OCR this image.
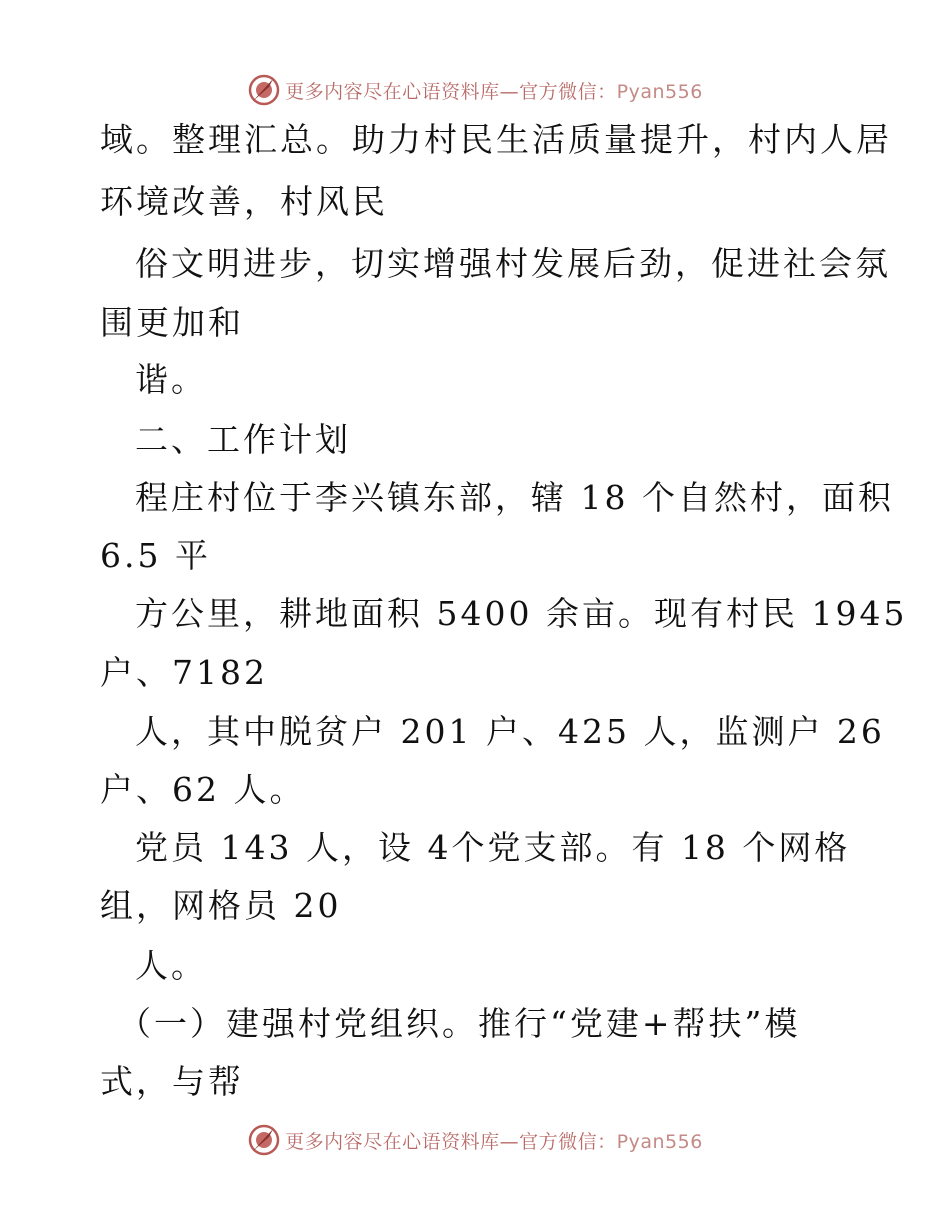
更多内容尽在心语资料库—官方微信：Pyan556
域。整理汇总。助力村民生活质量提升，村内人居
环境改善，村风民
俗文明进步，切实增强村发展后劲，促进社会氛
围更加和
谐。
二、工作计划
程庄村位于李兴镇东部，辖 18 个自然村，面积
6.5 平
方公里，耕地面积 5400 余亩。现有村民 1945
户、7182
人，其中脱贫户 201 户、425 人，监测户 26
户、62 人。
党员 143 人，设 4个党支部。有 18 个网格
组，网格员 20
人。
（一）建强村党组织。推行“党建+帮扶”模
式，与帮
更多内容尽在心语资料库—官方微信：Pyan556
